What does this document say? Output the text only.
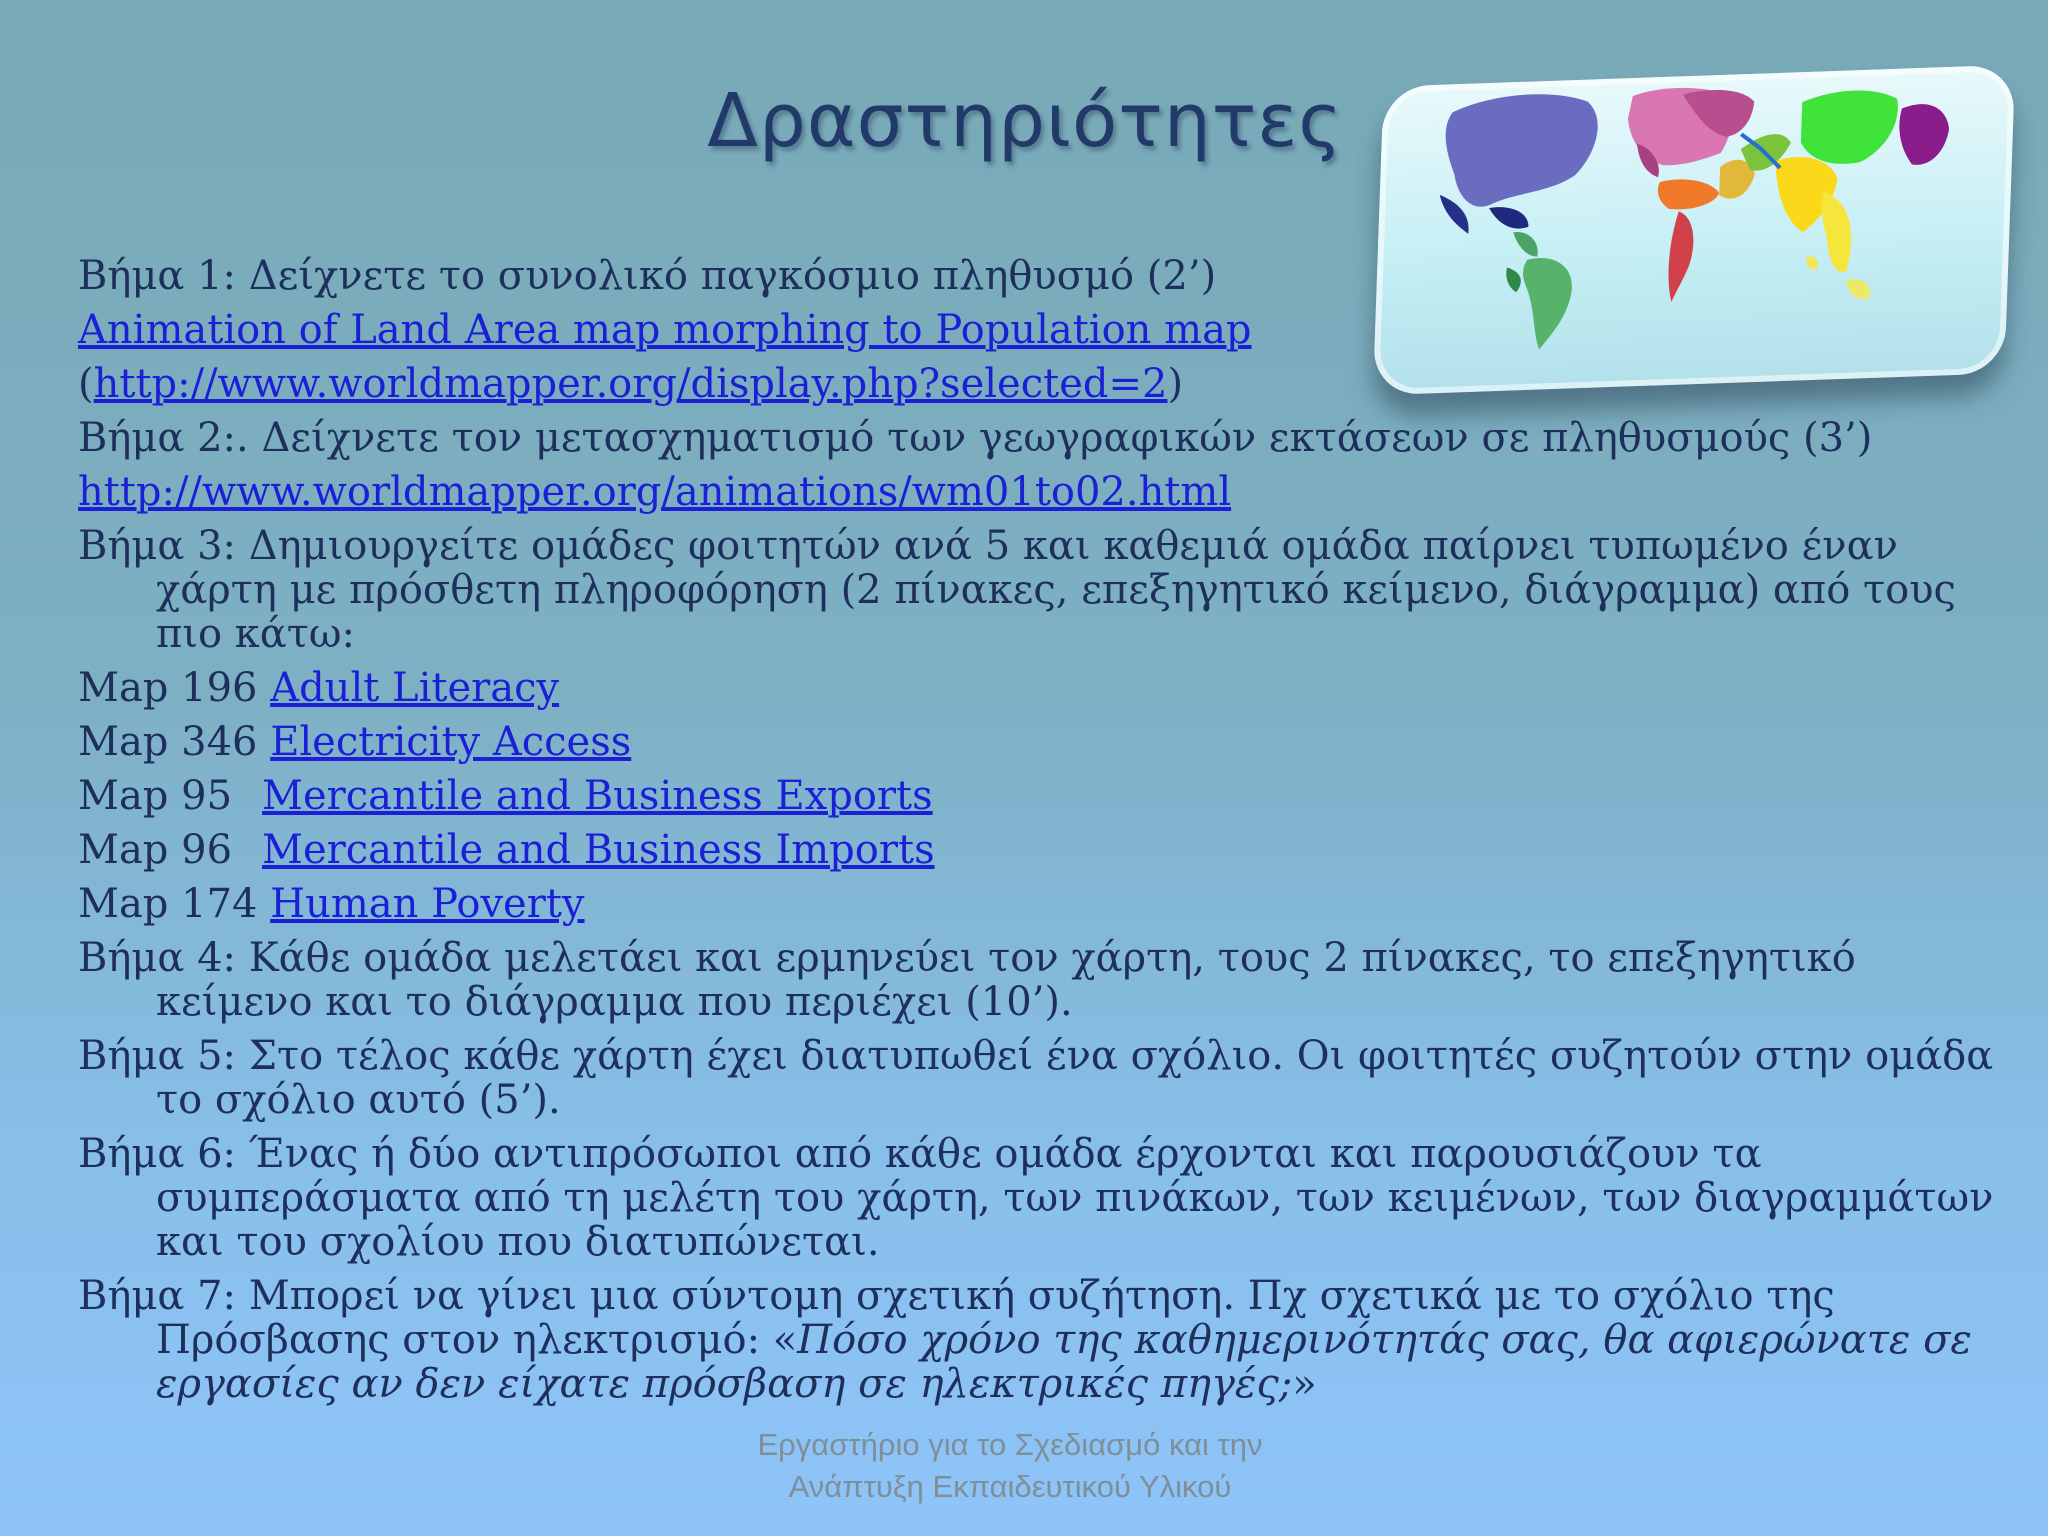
Δραστηριότητες
Βήμα 1: Δείχνετε το συνολικό παγκόσμιο πληθυσμό (2’)
Animation of Land Area map morphing to Population map
(http://www.worldmapper.org/display.php?selected=2)
Βήμα 2:. Δείχνετε τον μετασχηματισμό των γεωγραφικών εκτάσεων σε πληθυσμούς (3’)
http://www.worldmapper.org/animations/wm01to02.html
Βήμα 3: Δημιουργείτε ομάδες φοιτητών ανά 5 και καθεμιά ομάδα παίρνει τυπωμένο έναν χάρτη με πρόσθετη πληροφόρηση (2 πίνακες, επεξηγητικό κείμενο, διάγραμμα) από τους πιο κάτω:
Map 196 Adult Literacy
Map 346 Electricity Access
Map 95 Mercantile and Business Exports
Map 96 Mercantile and Business Imports
Map 174 Human Poverty
Βήμα 4: Κάθε ομάδα μελετάει και ερμηνεύει τον χάρτη, τους 2 πίνακες, το επεξηγητικό κείμενο και το διάγραμμα που περιέχει (10’).
Βήμα 5: Στο τέλος κάθε χάρτη έχει διατυπωθεί ένα σχόλιο. Οι φοιτητές συζητούν στην ομάδα το σχόλιο αυτό (5’).
Βήμα 6: Ένας ή δύο αντιπρόσωποι από κάθε ομάδα έρχονται και παρουσιάζουν τα συμπεράσματα από τη μελέτη του χάρτη, των πινάκων, των κειμένων, των διαγραμμάτων και του σχολίου που διατυπώνεται.
Βήμα 7: Μπορεί να γίνει μια σύντομη σχετική συζήτηση. Πχ σχετικά με το σχόλιο της Πρόσβασης στον ηλεκτρισμό: «Πόσο χρόνο της καθημερινότητάς σας, θα αφιερώνατε σε εργασίες αν δεν είχατε πρόσβαση σε ηλεκτρικές πηγές;»
Εργαστήριο για το Σχεδιασμό και την
Ανάπτυξη Εκπαιδευτικού Υλικού
